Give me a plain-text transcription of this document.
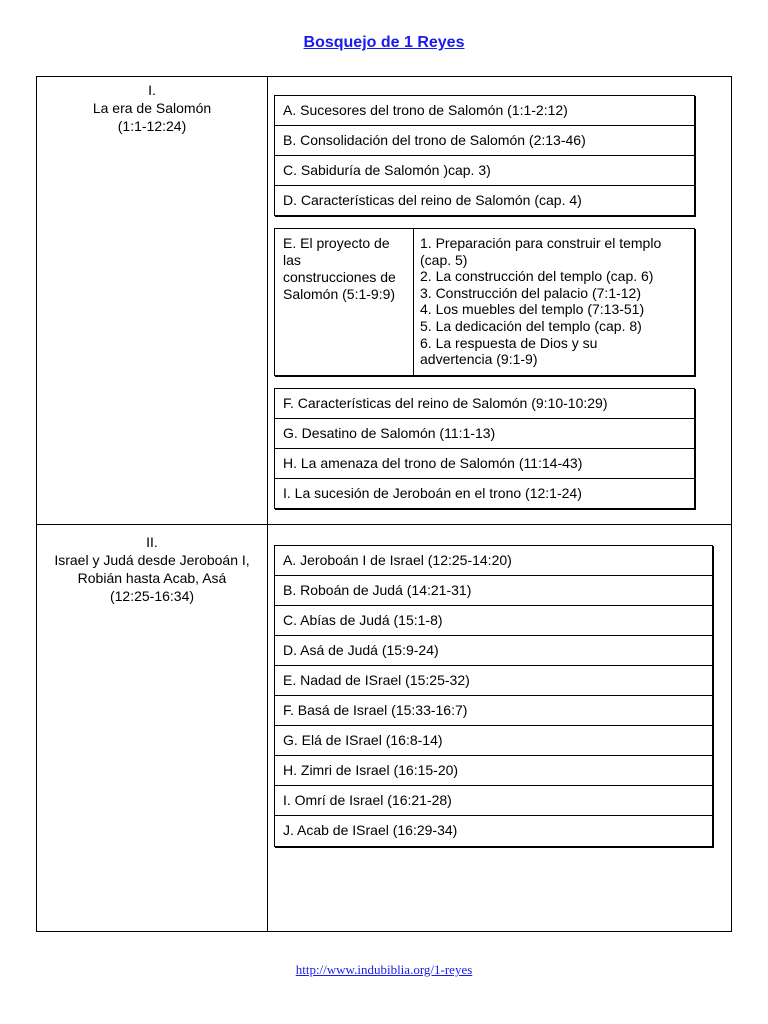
Bosquejo de 1 Reyes
I.
La era de Salomón
(1:1-12:24)
A. Sucesores del trono de Salomón (1:1-2:12)
B. Consolidación del trono de Salomón (2:13-46)
C. Sabiduría de Salomón )cap. 3)
D. Características del reino de Salomón (cap. 4)
E. El proyecto de
las
construcciones de
Salomón (5:1-9:9)
1. Preparación para construir el templo
(cap. 5)
2. La construcción del templo (cap. 6)
3. Construcción del palacio (7:1-12)
4. Los muebles del templo (7:13-51)
5. La dedicación del templo (cap. 8)
6. La respuesta de Dios y su
advertencia (9:1-9)
F. Características del reino de Salomón (9:10-10:29)
G. Desatino de Salomón (11:1-13)
H. La amenaza del trono de Salomón (11:14-43)
I. La sucesión de Jeroboán en el trono (12:1-24)
II.
Israel y Judá desde Jeroboán I,
Robián hasta Acab, Asá
(12:25-16:34)
A. Jeroboán I de Israel (12:25-14:20)
B. Roboán de Judá (14:21-31)
C. Abías de Judá (15:1-8)
D. Asá de Judá (15:9-24)
E. Nadad de ISrael (15:25-32)
F. Basá de Israel (15:33-16:7)
G. Elá de ISrael (16:8-14)
H. Zimri de Israel (16:15-20)
I. Omrí de Israel (16:21-28)
J. Acab de ISrael (16:29-34)
http://www.indubiblia.org/1-reyes
